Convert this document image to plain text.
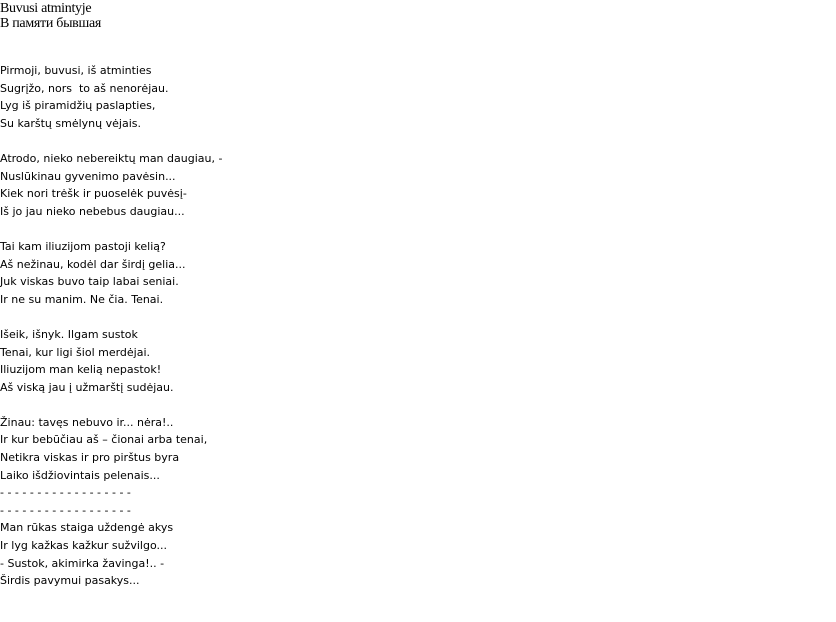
Buvusi atmintyje
В памяти бывшая
Pirmoji, buvusi, iš atminties
Sugrįžo, nors  to aš nenorėjau.
Lyg iš piramidžių paslapties,
Su karštų smėlynų vėjais.
Atrodo, nieko nebereiktų man daugiau, -
Nuslūkinau gyvenimo pavėsin...
Kiek nori trėšk ir puoselėk puvėsį-
Iš jo jau nieko nebebus daugiau...
Tai kam iliuzijom pastoji kelią?
Aš nežinau, kodėl dar širdį gelia...
Juk viskas buvo taip labai seniai.
Ir ne su manim. Ne čia. Tenai.
Išeik, išnyk. Ilgam sustok
Tenai, kur ligi šiol merdėjai.
Iliuzijom man kelią nepastok!
Aš viską jau į užmarštį sudėjau.
Žinau: tavęs nebuvo ir... nėra!..
Ir kur bebūčiau aš – čionai arba tenai,
Netikra viskas ir pro pirštus byra
Laiko išdžiovintais pelenais...
- - - - - - - - - - - - - - - - - -
- - - - - - - - - - - - - - - - - -
Man rūkas staiga uždengė akys
Ir lyg kažkas kažkur sužvilgo...
- Sustok, akimirka žavinga!.. -
Širdis pavymui pasakys...
